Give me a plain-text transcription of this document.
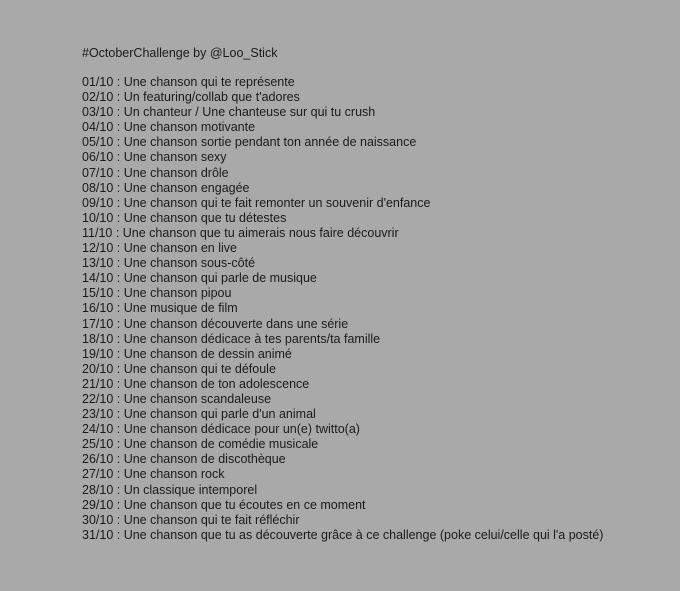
#OctoberChallenge by @Loo_Stick
01/10 : Une chanson qui te représente
02/10 : Un featuring/collab que t'adores
03/10 : Un chanteur / Une chanteuse sur qui tu crush
04/10 : Une chanson motivante
05/10 : Une chanson sortie pendant ton année de naissance
06/10 : Une chanson sexy
07/10 : Une chanson drôle
08/10 : Une chanson engagée
09/10 : Une chanson qui te fait remonter un souvenir d'enfance
10/10 : Une chanson que tu détestes
11/10 : Une chanson que tu aimerais nous faire découvrir
12/10 : Une chanson en live
13/10 : Une chanson sous-côté
14/10 : Une chanson qui parle de musique
15/10 : Une chanson pipou
16/10 : Une musique de film
17/10 : Une chanson découverte dans une série
18/10 : Une chanson dédicace à tes parents/ta famille
19/10 : Une chanson de dessin animé
20/10 : Une chanson qui te défoule
21/10 : Une chanson de ton adolescence
22/10 : Une chanson scandaleuse
23/10 : Une chanson qui parle d'un animal
24/10 : Une chanson dédicace pour un(e) twitto(a)
25/10 : Une chanson de comédie musicale
26/10 : Une chanson de discothèque
27/10 : Une chanson rock
28/10 : Un classique intemporel
29/10 : Une chanson que tu écoutes en ce moment
30/10 : Une chanson qui te fait réfléchir
31/10 : Une chanson que tu as découverte grâce à ce challenge (poke celui/celle qui l'a posté)
